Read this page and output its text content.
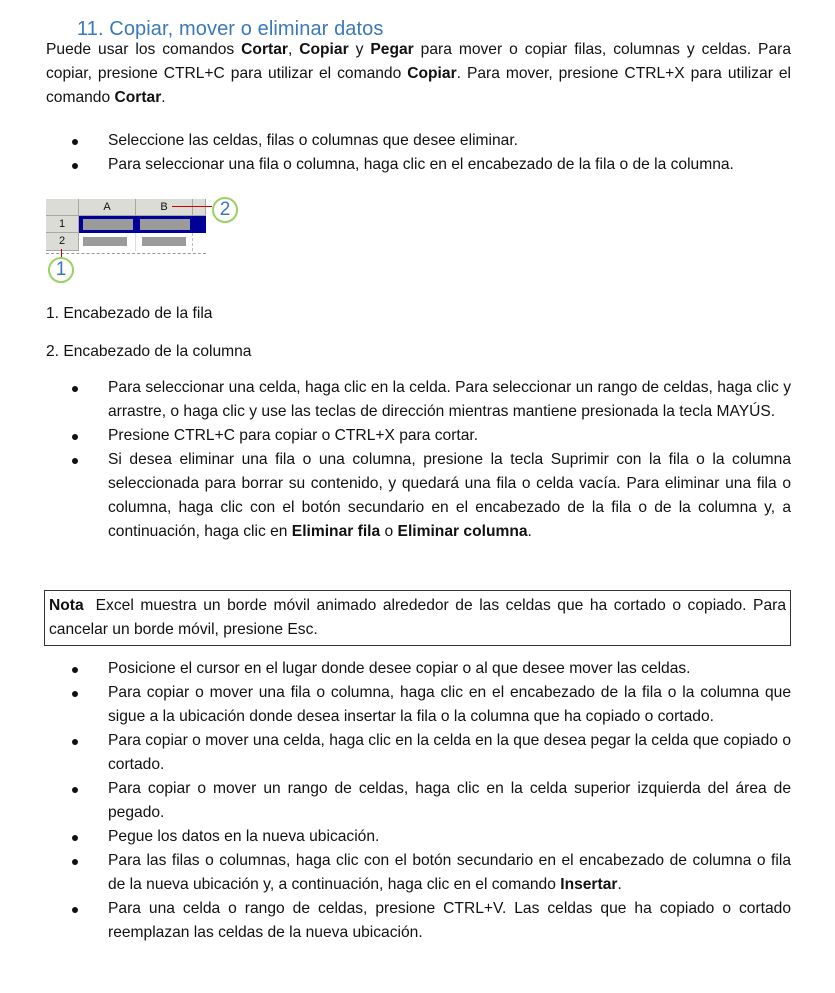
11. Copiar, mover o eliminar datos

Puede usar los comandos Cortar, Copiar y Pegar para mover o copiar filas, columnas y celdas. Para copiar, presione CTRL+C para utilizar el comando Copiar. Para mover, presione CTRL+X para utilizar el comando Cortar.

Seleccione las celdas, filas o columnas que desee eliminar.
Para seleccionar una fila o columna, haga clic en el encabezado de la fila o de la columna.
A	B
1
2
2
1
1. Encabezado de la fila
2. Encabezado de la columna
Para seleccionar una celda, haga clic en la celda. Para seleccionar un rango de celdas, haga clic y arrastre, o haga clic y use las teclas de dirección mientras mantiene presionada la tecla MAYÚS.
Presione CTRL+C para copiar o CTRL+X para cortar.
Si desea eliminar una fila o una columna, presione la tecla Suprimir con la fila o la columna seleccionada para borrar su contenido, y quedará una fila o celda vacía. Para eliminar una fila o columna, haga clic con el botón secundario en el encabezado de la fila o de la columna y, a continuación, haga clic en Eliminar fila o Eliminar columna.
Nota Excel muestra un borde móvil animado alrededor de las celdas que ha cortado o copiado. Para cancelar un borde móvil, presione Esc.
Posicione el cursor en el lugar donde desee copiar o al que desee mover las celdas.
Para copiar o mover una fila o columna, haga clic en el encabezado de la fila o la columna que sigue a la ubicación donde desea insertar la fila o la columna que ha copiado o cortado.
Para copiar o mover una celda, haga clic en la celda en la que desea pegar la celda que copiado o cortado.
Para copiar o mover un rango de celdas, haga clic en la celda superior izquierda del área de pegado.
Pegue los datos en la nueva ubicación.
Para las filas o columnas, haga clic con el botón secundario en el encabezado de columna o fila de la nueva ubicación y, a continuación, haga clic en el comando Insertar.
Para una celda o rango de celdas, presione CTRL+V. Las celdas que ha copiado o cortado reemplazan las celdas de la nueva ubicación.
